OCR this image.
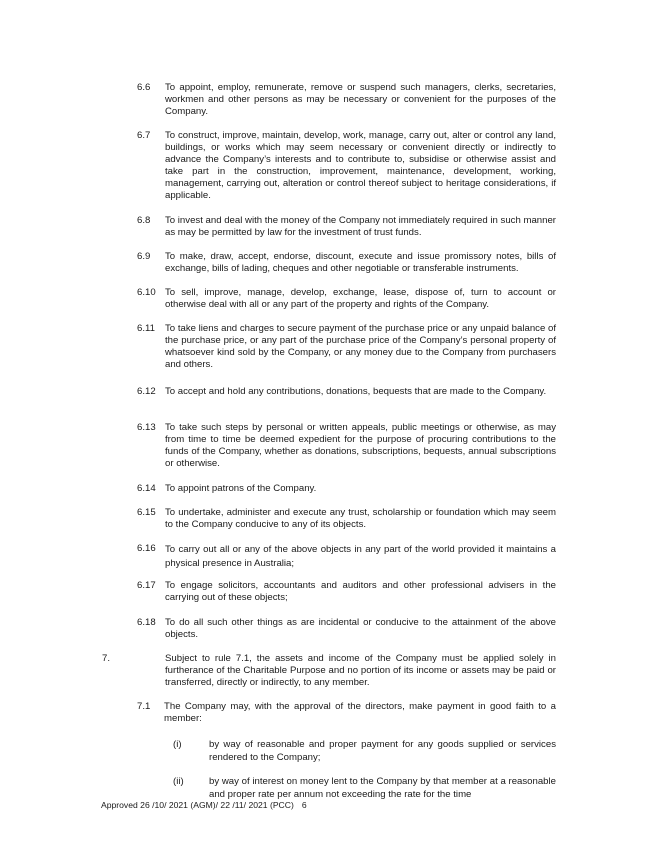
6.6	To appoint, employ, remunerate, remove or suspend such managers, clerks, secretaries, workmen and other persons as may be necessary or convenient for the purposes of the Company.
6.7	To construct, improve, maintain, develop, work, manage, carry out, alter or control any land, buildings, or works which may seem necessary or convenient directly or indirectly to advance the Company’s interests and to contribute to, subsidise or otherwise assist and take part in the construction, improvement, maintenance, development, working, management, carrying out, alteration or control thereof subject to heritage considerations, if applicable.
6.8	To invest and deal with the money of the Company not immediately required in such manner as may be permitted by law for the investment of trust funds.
6.9	To make, draw, accept, endorse, discount, execute and issue promissory notes, bills of exchange, bills of lading, cheques and other negotiable or transferable instruments.
6.10 To sell, improve, manage, develop, exchange, lease, dispose of, turn to account or otherwise deal with all or any part of the property and rights of the Company.
6.11	To take liens and charges to secure payment of the purchase price or any unpaid balance of the purchase price, or any part of the purchase price of the Company’s personal property of whatsoever kind sold by the Company, or any money due to the Company from purchasers and others.
6.12 To accept and hold any contributions, donations, bequests that are made to the Company.
6.13 To take such steps by personal or written appeals, public meetings or otherwise, as may from time to time be deemed expedient for the purpose of procuring contributions to the funds of the Company, whether as donations, subscriptions, bequests, annual subscriptions or otherwise.
6.14 To appoint patrons of the Company.
6.15 To undertake, administer and execute any trust, scholarship or foundation which may seem to the Company conducive to any of its objects.
6.16 To carry out all or any of the above objects in any part of the world provided it maintains a physical presence in Australia;
6.17 To engage solicitors, accountants and auditors and other professional advisers in the carrying out of these objects;
6.18 To do all such other things as are incidental or conducive to the attainment of the above objects.
7.	Subject to rule 7.1, the assets and income of the Company must be applied solely in furtherance of the Charitable Purpose and no portion of its income or assets may be paid or transferred, directly or indirectly, to any member.
7.1	The Company may, with the approval of the directors, make payment in good faith to a member:
(i)	by way of reasonable and proper payment for any goods supplied or services rendered to the Company;
(ii)	by way of interest on money lent to the Company by that member at a reasonable and proper rate per annum not exceeding the rate for the time
Approved 26 /10/ 2021 (AGM)/ 22 /11/ 2021 (PCC) 6
